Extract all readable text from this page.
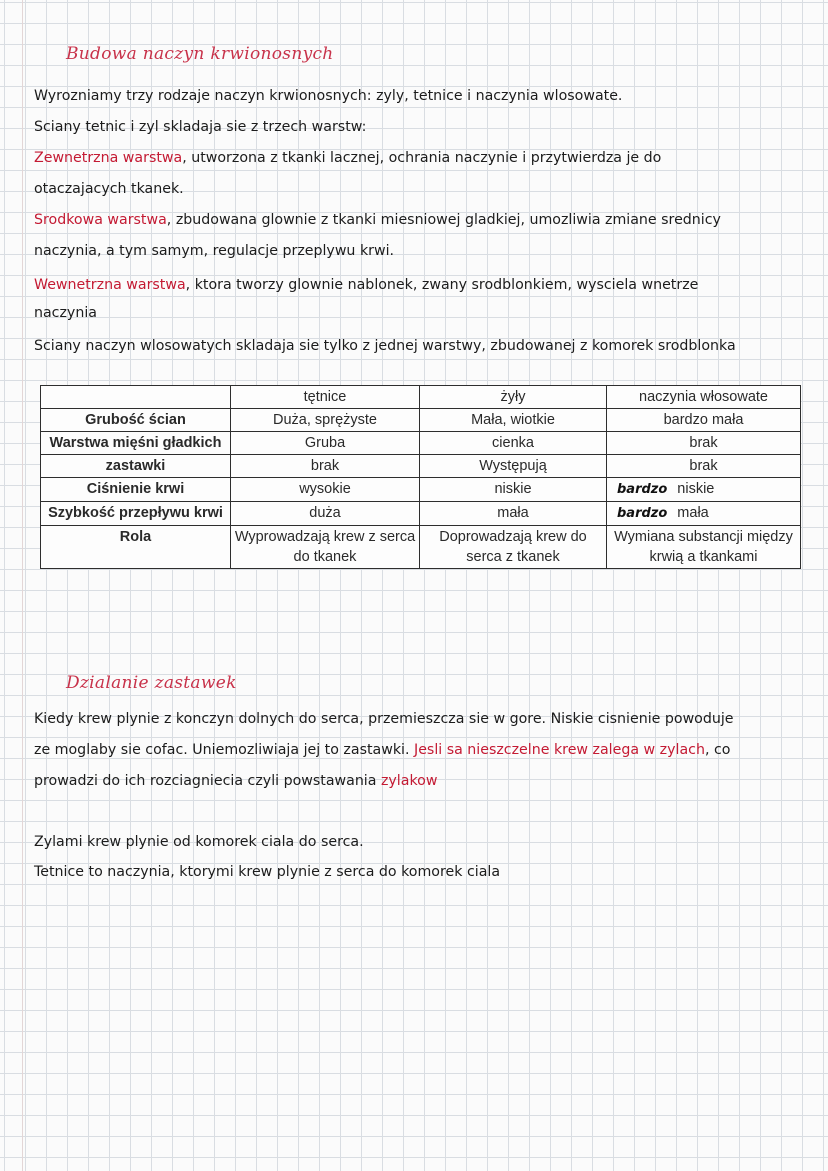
Budowa naczyn krwionosnych
Wyrozniamy trzy rodzaje naczyn krwionosnych: zyly, tetnice i naczynia wlosowate.
Sciany tetnic i zyl skladaja sie z trzech warstw:
Zewnetrzna warstwa, utworzona z tkanki lacznej, ochrania naczynie i przytwierdza je do
otaczajacych tkanek.
Srodkowa warstwa, zbudowana glownie z tkanki miesniowej gladkiej, umozliwia zmiane srednicy
naczynia, a tym samym, regulacje przeplywu krwi.
Wewnetrzna warstwa, ktora tworzy glownie nablonek, zwany srodblonkiem, wysciela wnetrze
naczynia
Sciany naczyn wlosowatych skladaja sie tylko z jednej warstwy, zbudowanej z komorek srodblonka
	tętnice	żyły	naczynia włosowate
Grubość ścian	Duża, sprężyste	Mała, wiotkie	bardzo mała
Warstwa mięśni gładkich	Gruba	cienka	brak
zastawki	brak	Występują	brak
Ciśnienie krwi	wysokie	niskie	bardzo niskie
Szybkość przepływu krwi	duża	mała	bardzo mała
Rola	Wyprowadzają krew z serca do tkanek	Doprowadzają krew do serca z tkanek	Wymiana substancji między krwią a tkankami
Dzialanie zastawek
Kiedy krew plynie z konczyn dolnych do serca, przemieszcza sie w gore. Niskie cisnienie powoduje
ze moglaby sie cofac. Uniemozliwiaja jej to zastawki. Jesli sa nieszczelne krew zalega w zylach, co
prowadzi do ich rozciagniecia czyli powstawania zylakow
Zylami krew plynie od komorek ciala do serca.
Tetnice to naczynia, ktorymi krew plynie z serca do komorek ciala
